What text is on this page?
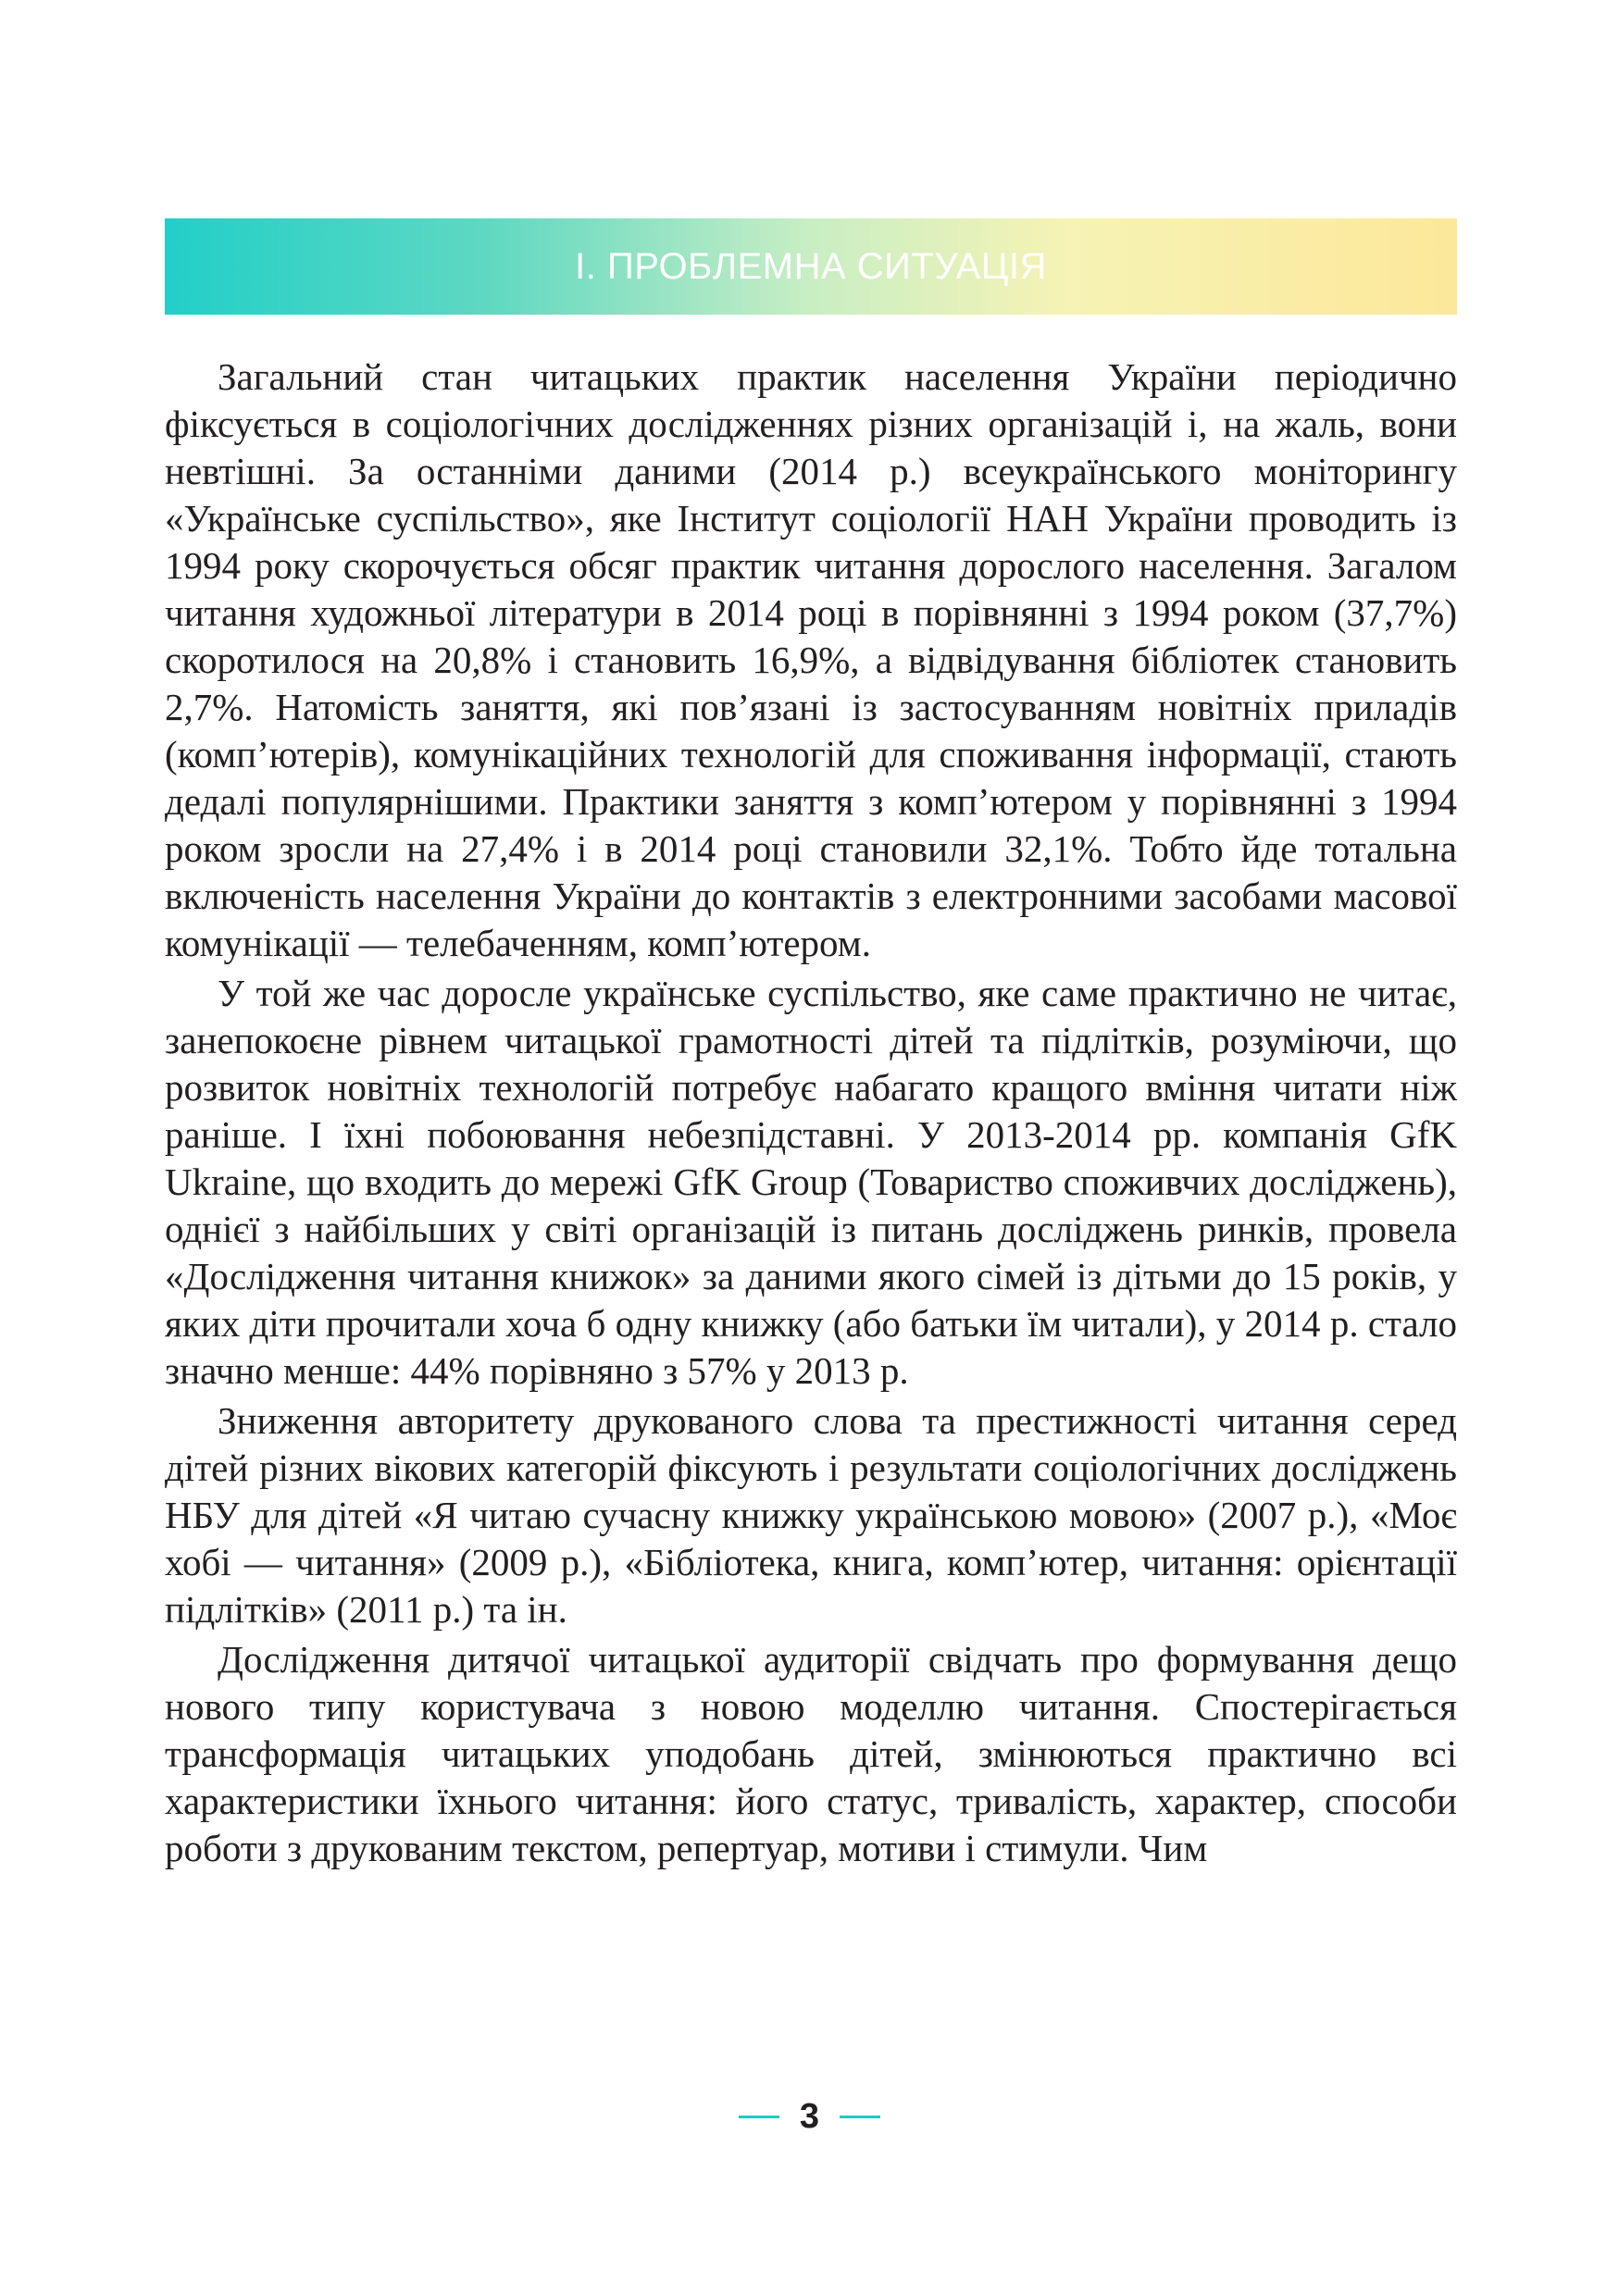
І. ПРОБЛЕМНА СИТУАЦІЯ

Загальний стан читацьких практик населення України періодично фіксується в соціологічних дослідженнях різних організацій і, на жаль, вони невтішні. За останніми даними (2014 р.) всеукраїнського моніторингу «Українське суспільство», яке Інститут соціології НАН України проводить із 1994 року скорочується обсяг практик читання дорослого населення. Загалом читання художньої літератури в 2014 році в порівнянні з 1994 роком (37,7%) скоротилося на 20,8% і становить 16,9%, а відвідування бібліотек становить 2,7%. Натомість заняття, які пов’язані із застосуванням новітніх приладів (комп’ютерів), комунікаційних технологій для споживання інформації, стають дедалі популярнішими. Практики заняття з комп’ютером у порівнянні з 1994 роком зросли на 27,4% і в 2014 році становили 32,1%. Тобто йде тотальна включеність населення України до контактів з електронними засобами масової комунікації — телебаченням, комп’ютером.

У той же час доросле українське суспільство, яке саме практично не читає, занепокоєне рівнем читацької грамотності дітей та підлітків, розуміючи, що розвиток новітніх технологій потребує набагато кращого вміння читати ніж раніше. І їхні побоювання небезпідставні. У 2013-2014 рр. компанія GfK Ukraine, що входить до мережі GfK Group (Товариство споживчих досліджень), однієї з найбільших у світі організацій із питань досліджень ринків, провела «Дослідження читання книжок» за даними якого сімей із дітьми до 15 років, у яких діти прочитали хоча б одну книжку (або батьки їм читали), у 2014 р. стало значно менше: 44% порівняно з 57% у 2013 р.

Зниження авторитету друкованого слова та престижності читання серед дітей різних вікових категорій фіксують і результати соціологічних досліджень НБУ для дітей «Я читаю сучасну книжку українською мовою» (2007 р.), «Моє хобі — читання» (2009 р.), «Бібліотека, книга, комп’ютер, читання: орієнтації підлітків» (2011 р.) та ін.

Дослідження дитячої читацької аудиторії свідчать про формування дещо нового типу користувача з новою моделлю читання. Спостерігається трансформація читацьких уподобань дітей, змінюються практично всі характеристики їхнього читання: його статус, тривалість, характер, способи роботи з друкованим текстом, репертуар, мотиви і стимули. Чим

3
